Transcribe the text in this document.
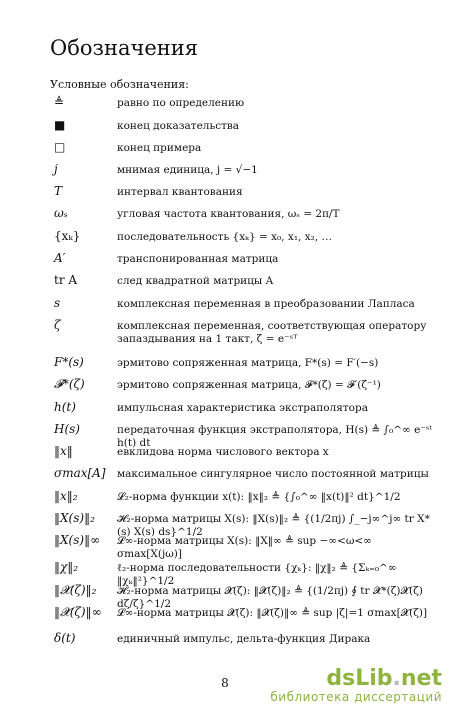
Обозначения
Условные обозначения:
≜	равно по определению
■	конец доказательства
□	конец примера
j	мнимая единица, j = √−1
T	интервал квантования
ωₛ	угловая частота квантования, ωₛ = 2π/T
{xₖ}	последовательность {xₖ} = x₀, x₁, x₂, …
A′	транспонированная матрица
tr A	след квадратной матрицы A
s	комплексная переменная в преобразовании Лапласа
ζ	комплексная переменная, соответствующая оператору запаздывания на 1 такт, ζ = e⁻ˢᵀ
F*(s)	эрмитово сопряженная матрица, F*(s) = F′(−s)
𝓕*(ζ)	эрмитово сопряженная матрица, 𝓕*(ζ) = 𝓕′(ζ⁻¹)
h(t)	импульсная характеристика экстраполятора
H(s)	передаточная функция экстраполятора, H(s) ≜ ∫₀^∞ e⁻ˢᵗ h(t) dt
‖x‖	евклидова норма числового вектора x
σmax[A] максимальное сингулярное число постоянной матрицы
‖x‖₂	𝓛₂-норма функции x(t): ‖x‖₂ ≜ {∫₀^∞ ‖x(t)‖² dt}^1/2
‖X(s)‖₂ 𝓗₂-норма матрицы X(s): ‖X(s)‖₂ ≜ {(1/2πj) ∫_−j∞^j∞ tr X*(s) X(s) ds}^1/2
‖X(s)‖∞ 𝓛∞-норма матрицы X(s): ‖X‖∞ ≜ sup −∞<ω<∞ σmax[X(jω)]
‖χ‖₂	ℓ₂-норма последовательности {χₖ}: ‖χ‖₂ ≜ {Σₖ₌₀^∞ ‖χₖ‖²}^1/2
‖𝓧(ζ)‖₂ 𝓗₂-норма матрицы 𝓧(ζ): ‖𝓧(ζ)‖₂ ≜ {(1/2πj) ∮ tr 𝓧*(ζ)𝓧(ζ) dζ/ζ}^1/2
‖𝓧(ζ)‖∞ 𝓛∞-норма матрицы 𝓧(ζ): ‖𝓧(ζ)‖∞ ≜ sup |ζ|=1 σmax[𝓧(ζ)]
δ(t)	единичный импульс, дельта-функция Дирака
8	dsLib.net
библиотека диссертаций
